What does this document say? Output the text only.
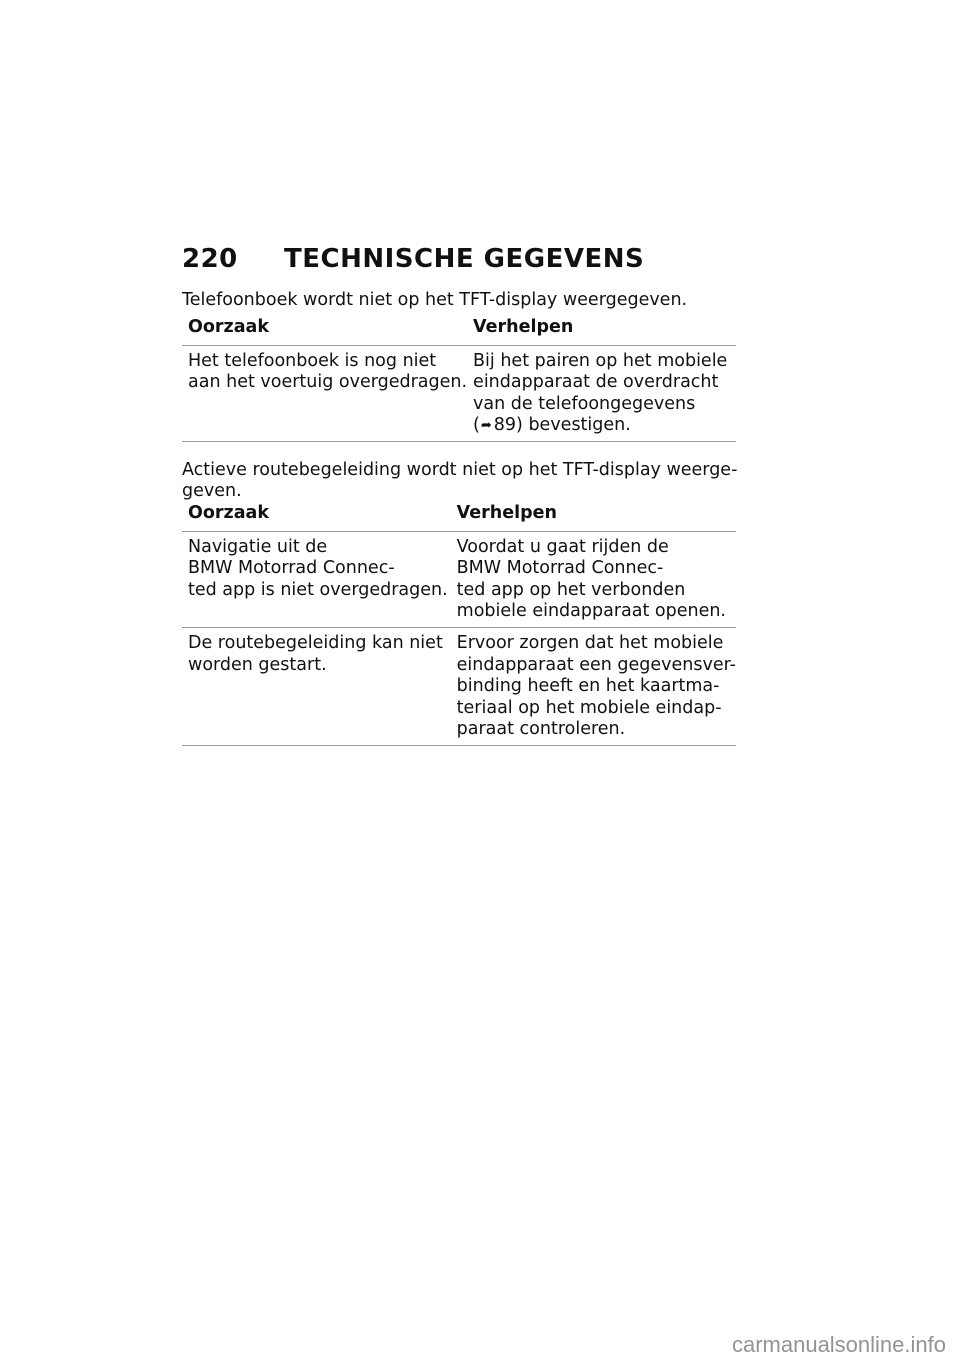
220 TECHNISCHE GEGEVENS
Telefoonboek wordt niet op het TFT-display weergegeven.
Oorzaak	Verhelpen

Het telefoonboek is nog niet
aan het voertuig overgedragen.	Bij het pairen op het mobiele
eindapparaat de overdracht
van de telefoongegevens
(➦ 89) bevestigen.
Actieve routebegeleiding wordt niet op het TFT-display weerge-
geven.
Oorzaak	Verhelpen

Navigatie uit de
BMW Motorrad Connec-
ted app is niet overgedragen.	Voordat u gaat rijden de
BMW Motorrad Connec-
ted app op het verbonden
mobiele eindapparaat openen.

De routebegeleiding kan niet
worden gestart.	Ervoor zorgen dat het mobiele
eindapparaat een gegevensver-
binding heeft en het kaartma-
teriaal op het mobiele eindap-
paraat controleren.
carmanualsonline.info
